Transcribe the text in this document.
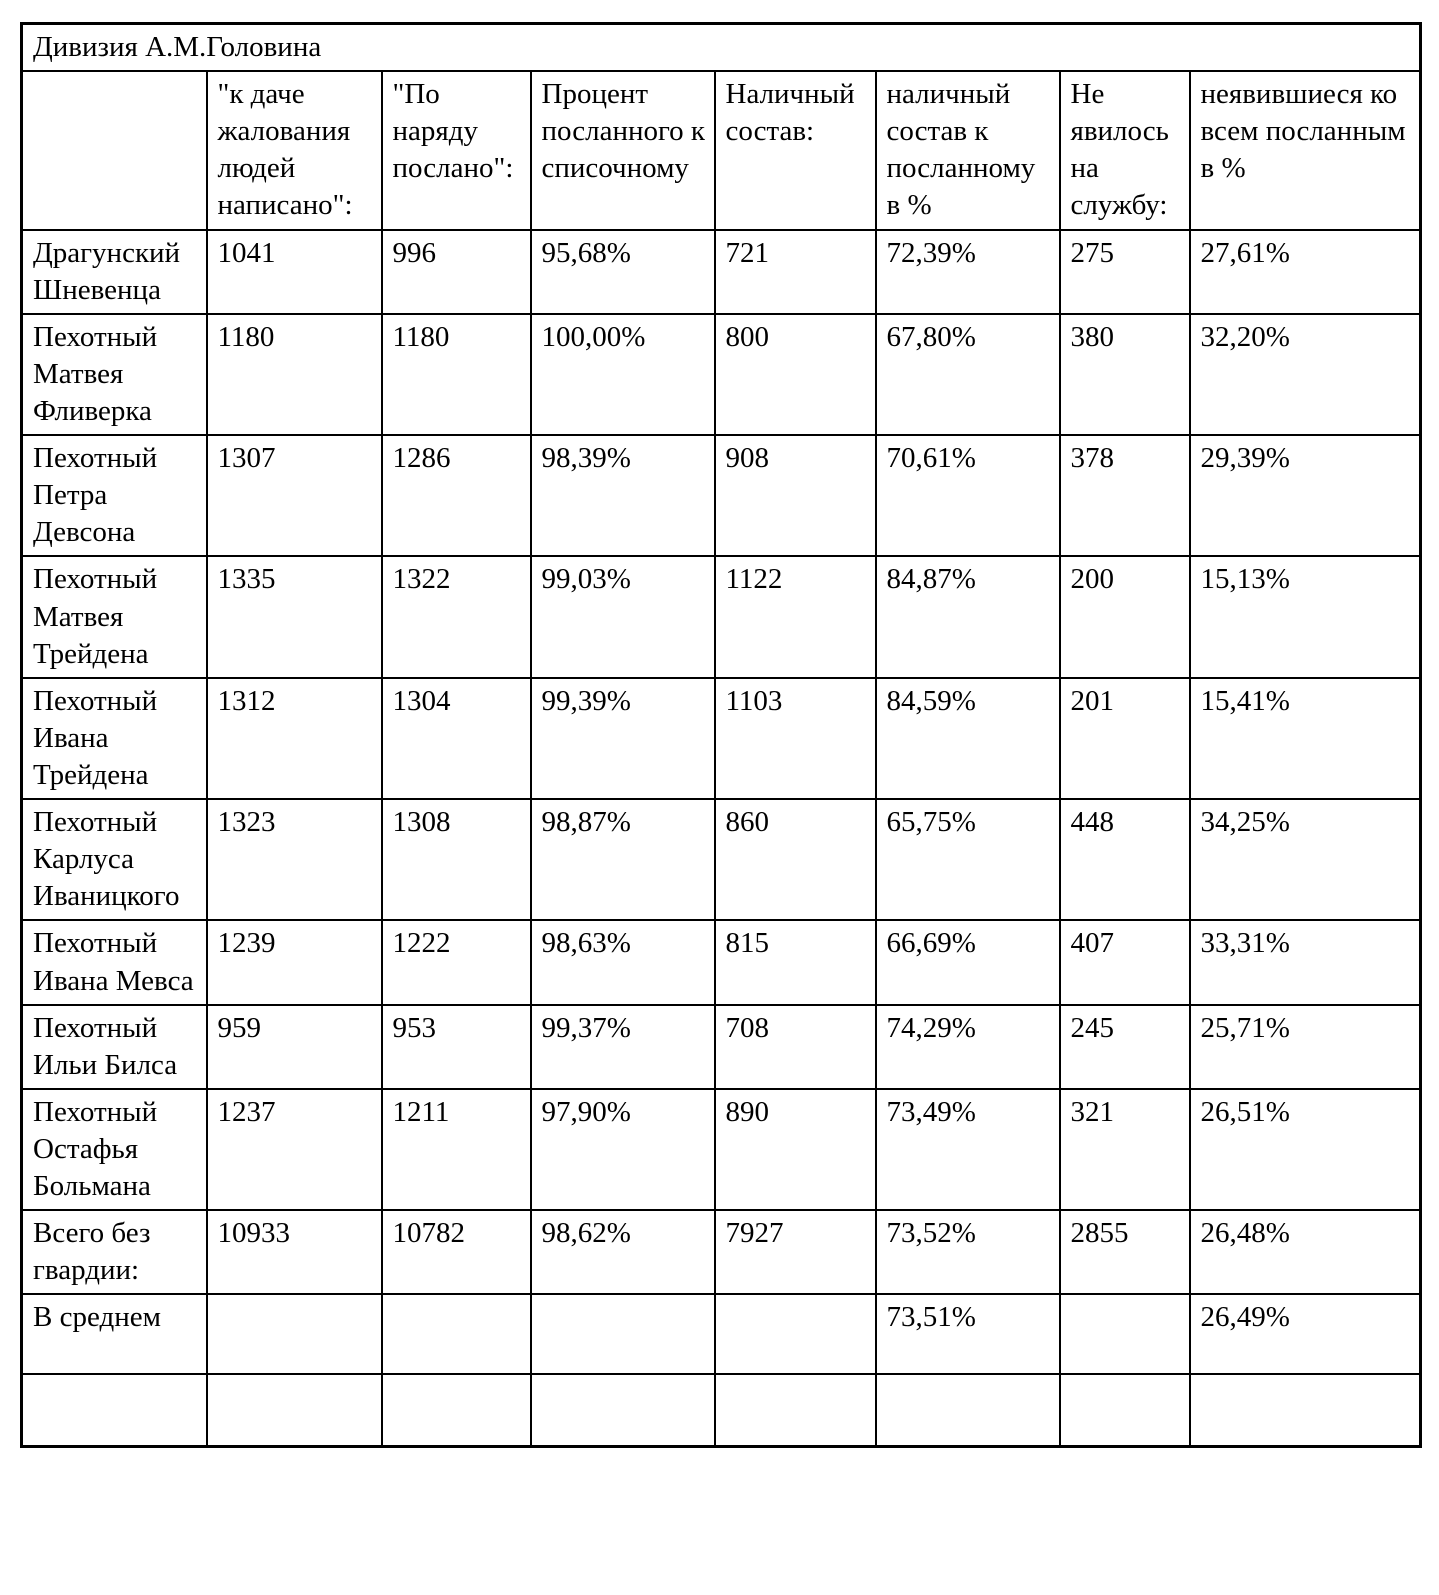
Дивизия А.М.Головина							
	"к даче жалования людей написано":	"По наряду послано":	Процент посланного к списочному	Наличный состав:	наличный состав к посланному в %	Не явилось на службу:	неявившиеся ко всем посланным в %
Драгунский Шневенца	1041	996	95,68%	721	72,39%	275	27,61%
Пехотный Матвея Фливерка	1180	1180	100,00%	800	67,80%	380	32,20%
Пехотный Петра Девсона	1307	1286	98,39%	908	70,61%	378	29,39%
Пехотный Матвея Трейдена	1335	1322	99,03%	1122	84,87%	200	15,13%
Пехотный Ивана Трейдена	1312	1304	99,39%	1103	84,59%	201	15,41%
Пехотный Карлуса Иваницкого	1323	1308	98,87%	860	65,75%	448	34,25%
Пехотный Ивана Мевса	1239	1222	98,63%	815	66,69%	407	33,31%
Пехотный Ильи Билса	959	953	99,37%	708	74,29%	245	25,71%
Пехотный Остафья Больмана	1237	1211	97,90%	890	73,49%	321	26,51%
Всего без гвардии:	10933	10782	98,62%	7927	73,52%	2855	26,48%
В среднем					73,51%		26,49%
